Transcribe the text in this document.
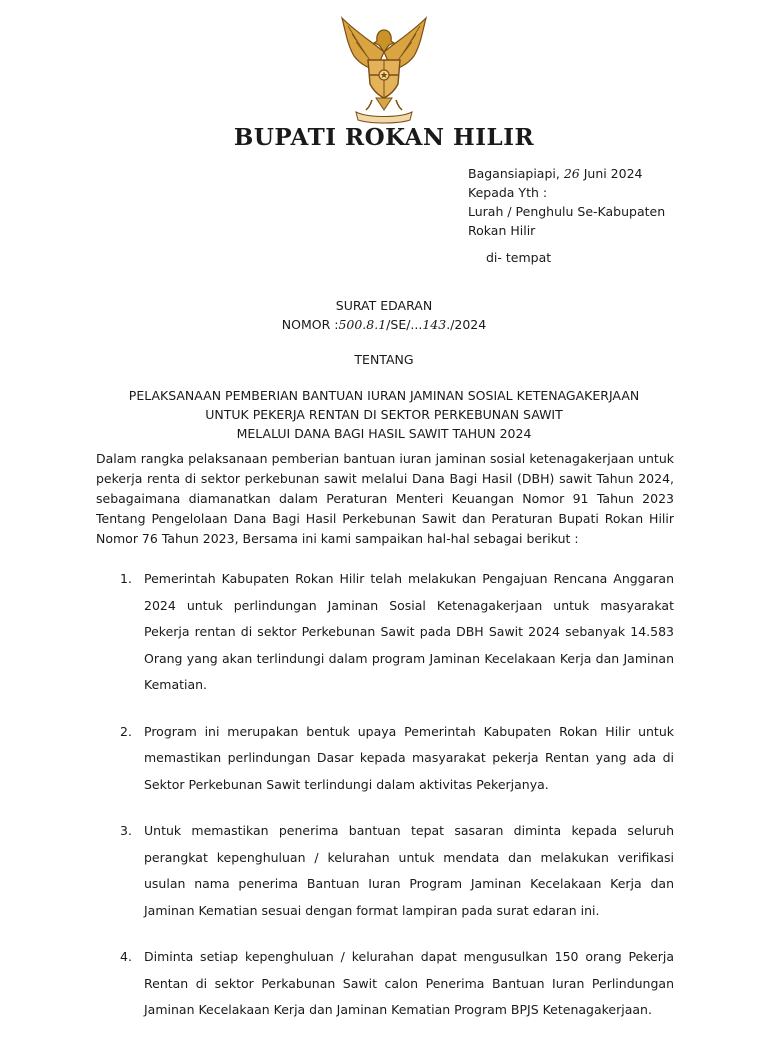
BUPATI ROKAN HILIR
Bagansiapiapi, 26 Juni 2024
Kepada Yth :
Lurah / Penghulu Se-Kabupaten
Rokan Hilir
di- tempat
SURAT EDARAN
NOMOR :500.8.1/SE/...143./2024
TENTANG
PELAKSANAAN PEMBERIAN BANTUAN IURAN JAMINAN SOSIAL KETENAGAKERJAAN
UNTUK PEKERJA RENTAN DI SEKTOR PERKEBUNAN SAWIT
MELALUI DANA BAGI HASIL SAWIT TAHUN 2024
Dalam rangka pelaksanaan pemberian bantuan iuran jaminan sosial ketenagakerjaan untuk pekerja renta di sektor perkebunan sawit melalui Dana Bagi Hasil (DBH) sawit Tahun 2024, sebagaimana diamanatkan dalam Peraturan Menteri Keuangan Nomor 91 Tahun 2023 Tentang Pengelolaan Dana Bagi Hasil Perkebunan Sawit dan Peraturan Bupati Rokan Hilir Nomor 76 Tahun 2023, Bersama ini kami sampaikan hal-hal sebagai berikut :
1. Pemerintah Kabupaten Rokan Hilir telah melakukan Pengajuan Rencana Anggaran 2024 untuk perlindungan Jaminan Sosial Ketenagakerjaan untuk masyarakat Pekerja rentan di sektor Perkebunan Sawit pada DBH Sawit 2024 sebanyak 14.583 Orang yang akan terlindungi dalam program Jaminan Kecelakaan Kerja dan Jaminan Kematian.
2. Program ini merupakan bentuk upaya Pemerintah Kabupaten Rokan Hilir untuk memastikan perlindungan Dasar kepada masyarakat pekerja Rentan yang ada di Sektor Perkebunan Sawit terlindungi dalam aktivitas Pekerjanya.
3. Untuk memastikan penerima bantuan tepat sasaran diminta kepada seluruh perangkat kepenghuluan / kelurahan untuk mendata dan melakukan verifikasi usulan nama penerima Bantuan Iuran Program Jaminan Kecelakaan Kerja dan Jaminan Kematian sesuai dengan format lampiran pada surat edaran ini.
4. Diminta setiap kepenghuluan / kelurahan dapat mengusulkan 150 orang Pekerja Rentan di sektor Perkabunan Sawit calon Penerima Bantuan Iuran Perlindungan Jaminan Kecelakaan Kerja dan Jaminan Kematian Program BPJS Ketenagakerjaan.
